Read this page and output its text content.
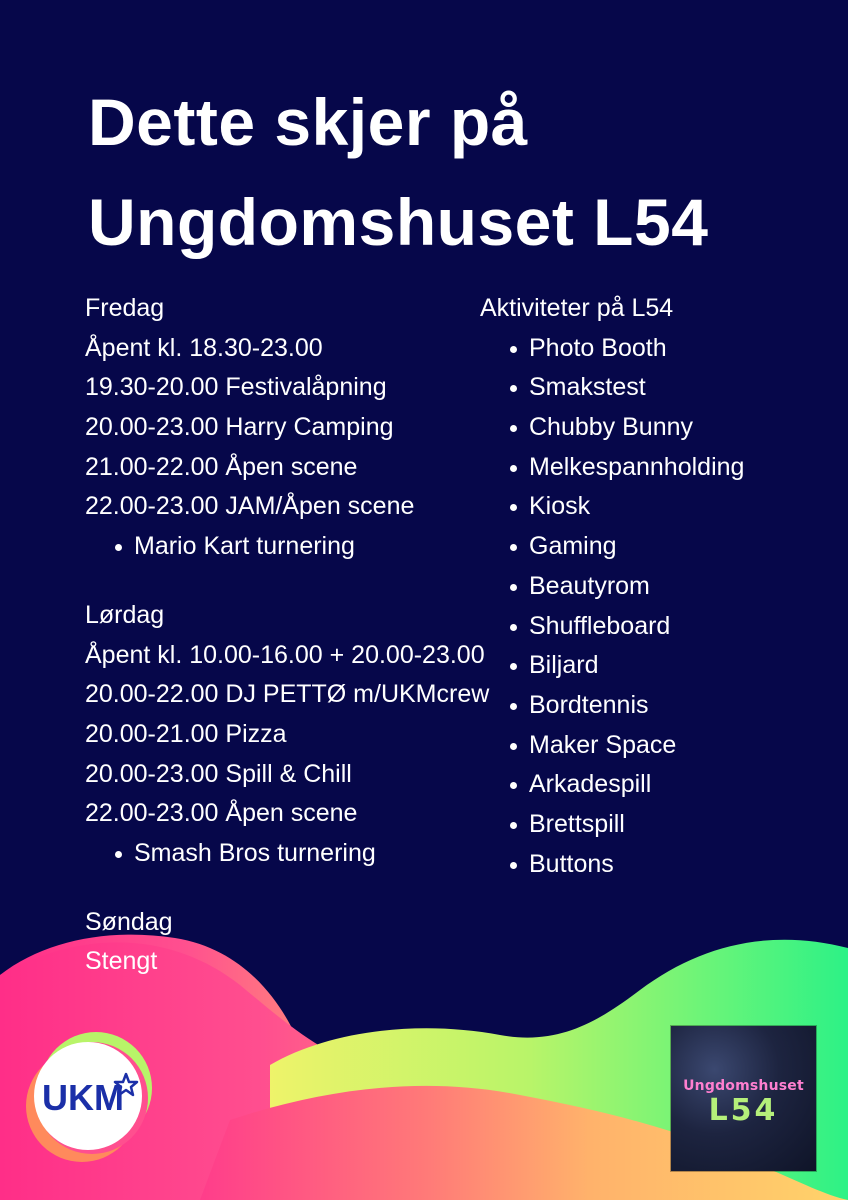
Dette skjer på
Ungdomshuset L54
Fredag
Åpent kl. 18.30-23.00
19.30-20.00 Festivalåpning
20.00-23.00 Harry Camping
21.00-22.00 Åpen scene
22.00-23.00 JAM/Åpen scene
Mario Kart turnering
Lørdag
Åpent kl. 10.00-16.00 + 20.00-23.00
20.00-22.00 DJ PETTØ m/UKMcrew
20.00-21.00 Pizza
20.00-23.00 Spill & Chill
22.00-23.00 Åpen scene
Smash Bros turnering
Søndag
Stengt
Aktiviteter på L54
Photo Booth
Smakstest
Chubby Bunny
Melkespannholding
Kiosk
Gaming
Beautyrom
Shuffleboard
Biljard
Bordtennis
Maker Space
Arkadespill
Brettspill
Buttons
UKM	Ungdomshuset
L54
